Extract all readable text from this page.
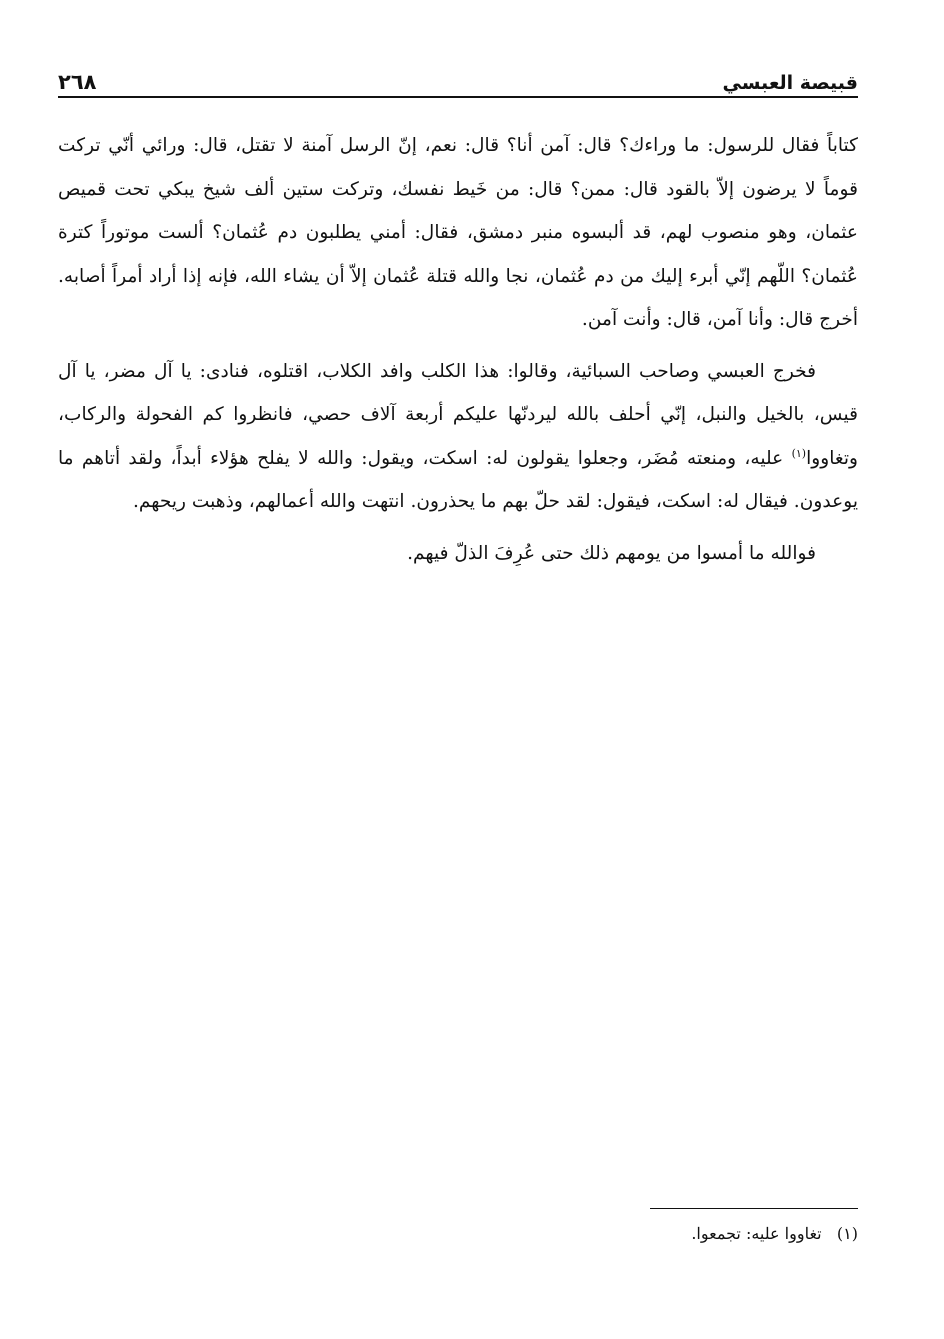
قبيصة العبسي
٢٦٨

كتاباً فقال للرسول: ما وراءك؟ قال: آمن أنا؟ قال: نعم، إنّ الرسل آمنة لا تقتل، قال: ورائي أنّي تركت قوماً لا يرضون إلاّ بالقود قال: ممن؟ قال: من خَيط نفسك، وتركت ستين ألف شيخ يبكي تحت قميص عثمان، وهو منصوب لهم، قد ألبسوه منبر دمشق، فقال: أمني يطلبون دم عُثمان؟ ألست موتوراً كترة عُثمان؟ اللّهم إنّي أبرء إليك من دم عُثمان، نجا والله قتلة عُثمان إلاّ أن يشاء الله، فإنه إذا أراد أمراً أصابه. أخرج قال: وأنا آمن، قال: وأنت آمن.

فخرج العبسي وصاحب السبائية، وقالوا: هذا الكلب وافد الكلاب، اقتلوه، فنادى: يا آل مضر، يا آل قيس، بالخيل والنبل، إنّي أحلف بالله ليردنّها عليكم أربعة آلاف حصي، فانظروا كم الفحولة والركاب، وتغاووا$^{(١)}$ عليه، ومنعته مُضَر، وجعلوا يقولون له: اسكت، ويقول: والله لا يفلح هؤلاء أبداً، ولقد أتاهم ما يوعدون. فيقال له: اسكت، فيقول: لقد حلّ بهم ما يحذرون. انتهت والله أعمالهم، وذهبت ريحهم.

فوالله ما أمسوا من يومهم ذلك حتى عُرِفَ الذلّ فيهم.

(١)   تغاووا عليه: تجمعوا.
